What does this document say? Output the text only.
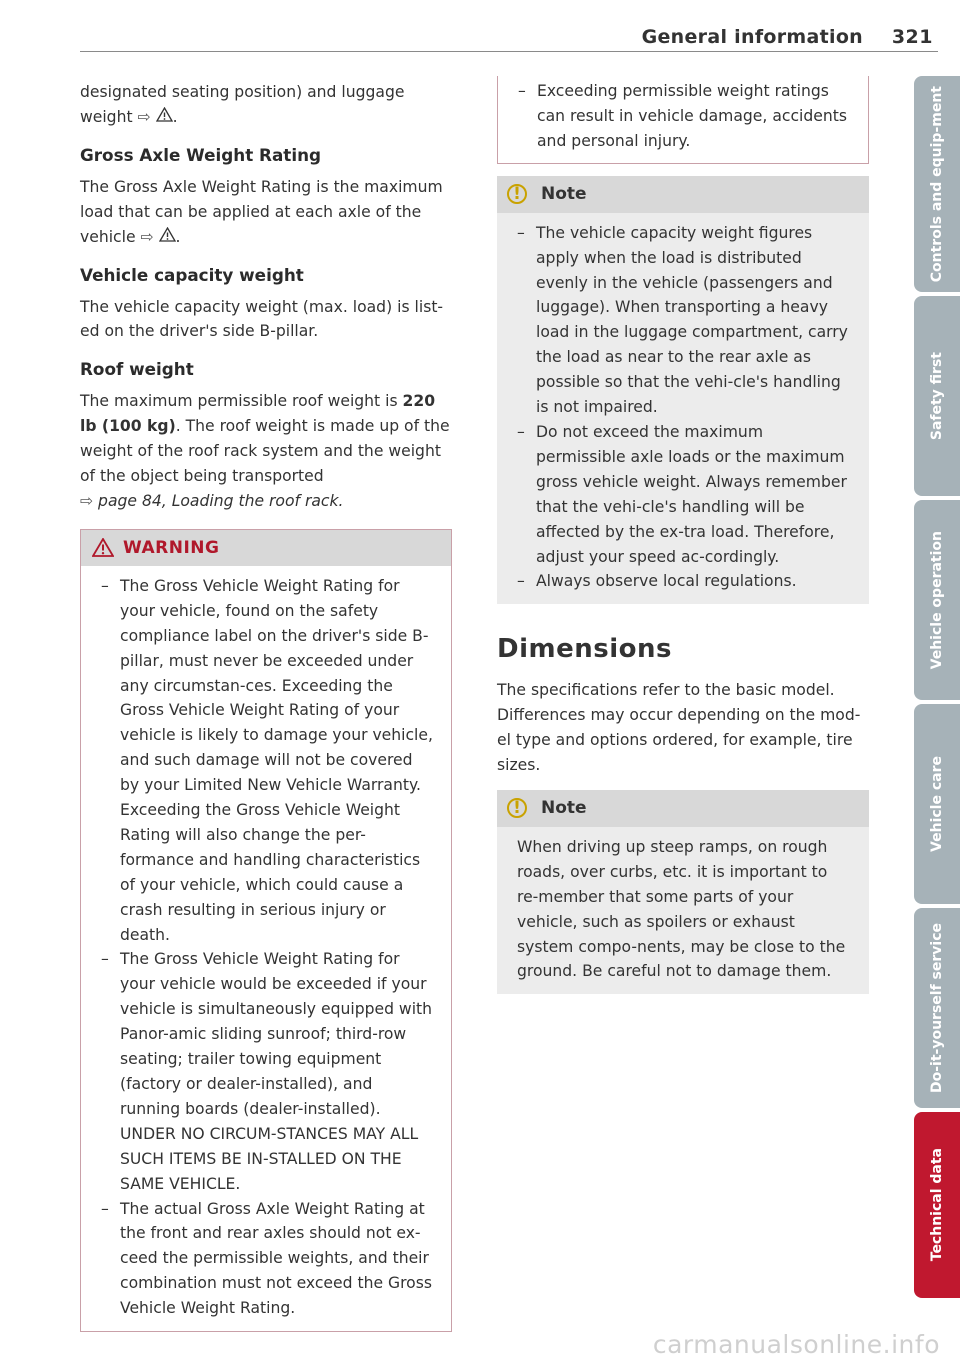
General information 321

designated seating position) and luggage
weight ⇨ .

Gross Axle Weight Rating

The Gross Axle Weight Rating is the maximum load that can be applied at each axle of the vehicle ⇨ .

Vehicle capacity weight

The vehicle capacity weight (max. load) is list-ed on the driver's side B-pillar.

Roof weight

The maximum permissible roof weight is 220 lb (100 kg). The roof weight is made up of the weight of the roof rack system and the weight of the object being transported
⇨ page 84, Loading the roof rack.

WARNING
– The Gross Vehicle Weight Rating for your vehicle, found on the safety compliance label on the driver's side B-pillar, must never be exceeded under any circumstan-ces. Exceeding the Gross Vehicle Weight Rating of your vehicle is likely to damage your vehicle, and such damage will not be covered by your Limited New Vehicle Warranty. Exceeding the Gross Vehicle Weight Rating will also change the per-formance and handling characteristics of your vehicle, which could cause a crash resulting in serious injury or death.
– The Gross Vehicle Weight Rating for your vehicle would be exceeded if your vehicle is simultaneously equipped with Panor-amic sliding sunroof; third-row seating; trailer towing equipment (factory or dealer-installed), and running boards (dealer-installed). UNDER NO CIRCUM-STANCES MAY ALL SUCH ITEMS BE IN-STALLED ON THE SAME VEHICLE.
– The actual Gross Axle Weight Rating at the front and rear axles should not ex-ceed the permissible weights, and their combination must not exceed the Gross Vehicle Weight Rating.
– Exceeding permissible weight ratings can result in vehicle damage, accidents and personal injury.
!	Note
– The vehicle capacity weight figures apply when the load is distributed evenly in the vehicle (passengers and luggage). When transporting a heavy load in the luggage compartment, carry the load as near to the rear axle as possible so that the vehi-cle's handling is not impaired.
– Do not exceed the maximum permissible axle loads or the maximum gross vehicle weight. Always remember that the vehi-cle's handling will be affected by the ex-tra load. Therefore, adjust your speed ac-cordingly.
– Always observe local regulations.
Dimensions

The specifications refer to the basic model. Differences may occur depending on the mod-el type and options ordered, for example, tire sizes.

!	Note

When driving up steep ramps, on rough roads, over curbs, etc. it is important to re-member that some parts of your vehicle, such as spoilers or exhaust system compo-nents, may be close to the ground. Be careful not to damage them.

Controls and equip-ment
Safety first
Vehicle operation
Vehicle care
Do-it-yourself service
Technical data
carmanualsonline.info
